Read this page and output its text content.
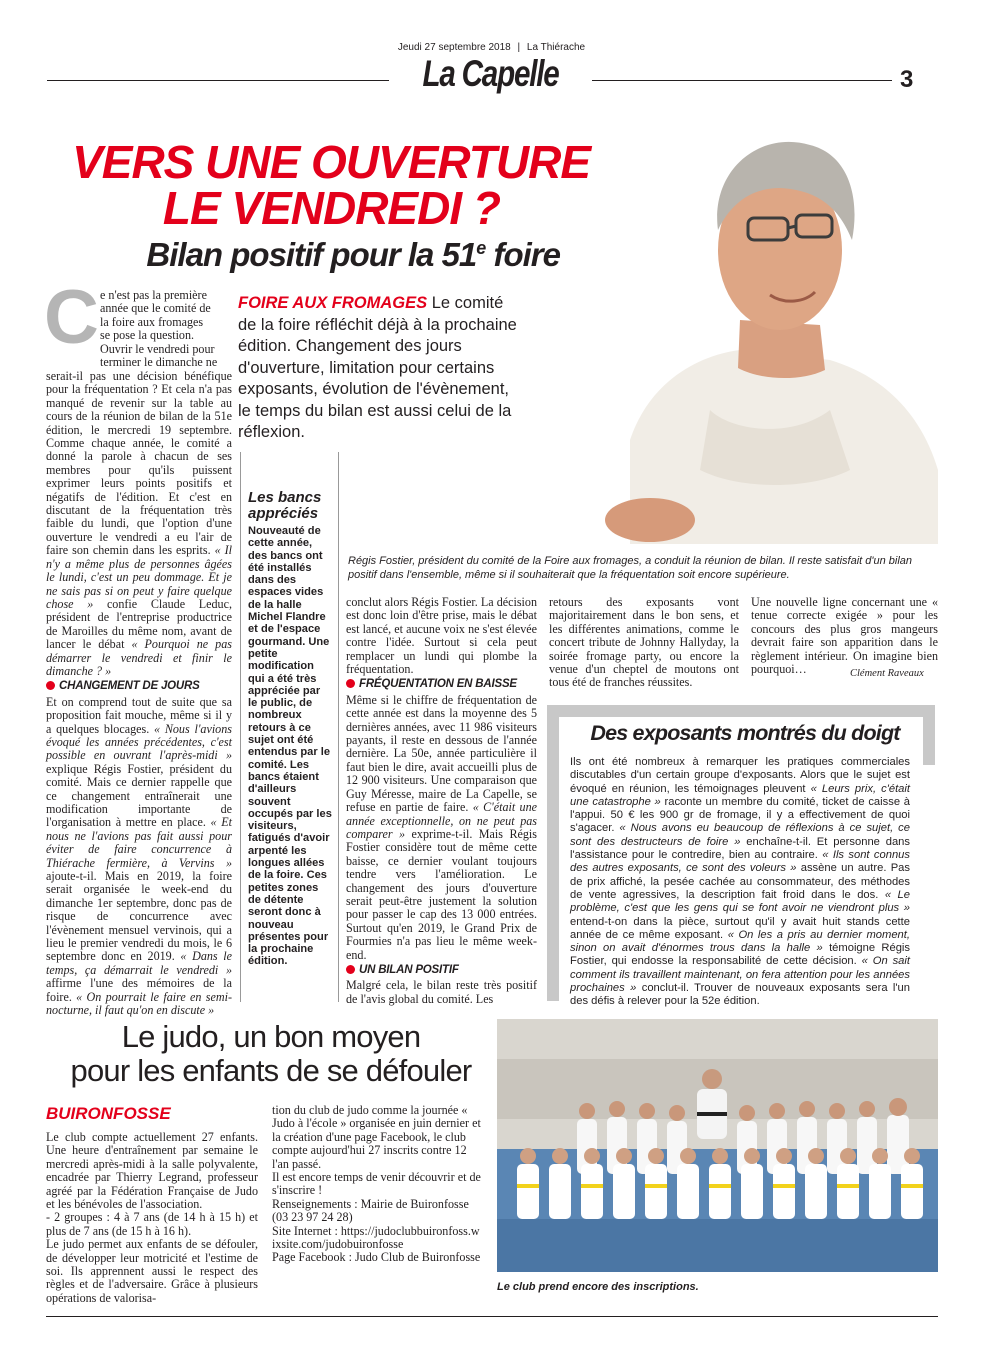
Jeudi 27 septembre 2018 | La Thiérache
La Capelle	3
VERS UNE OUVERTURE
LE VENDREDI ?
Bilan positif pour la 51e foire
FOIRE AUX FROMAGES Le comité de la foire réfléchit déjà à la prochaine édition. Changement des jours d'ouverture, limitation pour certains exposants, évolution de l'évènement, le temps du bilan est aussi celui de la réflexion.
C e n'est pas la première
année que le comité de
la foire aux fromages
se pose la question.
Ouvrir le vendredi pour
terminer le dimanche ne

serait-il pas une décision bénéfique pour la fréquentation ? Et cela n'a pas manqué de revenir sur la table au cours de la réunion de bilan de la 51e édition, le mercredi 19 septembre. Comme chaque année, le comité a donné la parole à chacun de ses membres pour qu'ils puissent exprimer leurs points positifs et négatifs de l'édition. Et c'est en discutant de la fréquentation très faible du lundi, que l'option d'une ouverture le vendredi a eu l'air de faire son chemin dans les esprits. « Il n'y a même plus de personnes âgées le lundi, c'est un peu dommage. Et je ne sais pas si on peut y faire quelque chose » confie Claude Leduc, président de l'entreprise productrice de Maroilles du même nom, avant de lancer le débat « Pourquoi ne pas démarrer le vendredi et finir le dimanche ? »

CHANGEMENT DE JOURS

Et on comprend tout de suite que sa proposition fait mouche, même si il y a quelques blocages. « Nous l'avions évoqué les années précédentes, c'est possible en ouvrant l'après-midi » explique Régis Fostier, président du comité. Mais ce dernier rappelle que ce changement entraînerait une modification importante de l'organisation à mettre en place. « Et nous ne l'avions pas fait aussi pour éviter de faire concurrence à Thiérache fermière, à Vervins » ajoute-t-il. Mais en 2019, la foire serait organisée le week-end du dimanche 1er septembre, donc pas de risque de concurrence avec l'évènement mensuel vervinois, qui a lieu le premier vendredi du mois, le 6 septembre donc en 2019. « Dans le temps, ça démarrait le vendredi » affirme l'une des mémoires de la foire. « On pourrait le faire en semi-nocturne, il faut qu'on en discute »

Les bancs appréciés
Nouveauté de cette année, des bancs ont été installés dans des espaces vides de la halle Michel Flandre et de l'espace gourmand. Une petite modification qui a été très appréciée par le public, de nombreux retours à ce sujet ont été entendus par le comité. Les bancs étaient d'ailleurs souvent occupés par les visiteurs, fatigués d'avoir arpenté les longues allées de la foire. Ces petites zones de détente seront donc à nouveau présentes pour la prochaine édition.
Régis Fostier, président du comité de la Foire aux fromages, a conduit la réunion de bilan. Il reste satisfait d'un bilan positif dans l'ensemble, même si il souhaiterait que la fréquentation soit encore supérieure.

conclut alors Régis Fostier. La décision est donc loin d'être prise, mais le débat est lancé, et aucune voix ne s'est élevée contre l'idée. Surtout si cela peut remplacer un lundi qui plombe la fréquentation.

FRÉQUENTATION EN BAISSE

Même si le chiffre de fréquentation de cette année est dans la moyenne des 5 dernières années, avec 11 986 visiteurs payants, il reste en dessous de l'année dernière. La 50e, année particulière il faut bien le dire, avait accueilli plus de 12 900 visiteurs. Une comparaison que Guy Méresse, maire de La Capelle, se refuse en partie de faire. « C'était une année exceptionnelle, on ne peut pas comparer » exprime-t-il. Mais Régis Fostier considère tout de même cette baisse, ce dernier voulant toujours tendre vers l'amélioration. Le changement des jours d'ouverture serait peut-être justement la solution pour passer le cap des 13 000 entrées. Surtout qu'en 2019, le Grand Prix de Fourmies n'a pas lieu le même week-end.

UN BILAN POSITIF

Malgré cela, le bilan reste très positif de l'avis global du comité. Les

retours des exposants vont majoritairement dans le bon sens, et les différentes animations, comme le concert tribute de Johnny Hallyday, la soirée fromage party, ou encore la venue d'un cheptel de moutons ont tous été de franches réussites.
Une nouvelle ligne concernant une « tenue correcte exigée » pour les concours des plus gros mangeurs devrait faire son apparition dans le règlement intérieur. On imagine bien pourquoi…	Clément Raveaux
Des exposants montrés du doigt
Ils ont été nombreux à remarquer les pratiques commerciales discutables d'un certain groupe d'exposants. Alors que le sujet est évoqué en réunion, les témoignages pleuvent « Leurs prix, c'était une catastrophe » raconte un membre du comité, ticket de caisse à l'appui. 50 € les 900 gr de fromage, il y a effectivement de quoi s'agacer. « Nous avons eu beaucoup de réflexions à ce sujet, ce sont des destructeurs de foire » enchaîne-t-il. Et personne dans l'assistance pour le contredire, bien au contraire. « Ils sont connus des autres exposants, ce sont des voleurs » assène un autre. Pas de prix affiché, la pesée cachée au consommateur, des méthodes de vente agressives, la description fait froid dans le dos. « Le problème, c'est que les gens qui se font avoir ne viendront plus » entend-t-on dans la pièce, surtout qu'il y avait huit stands cette année de ce même exposant. « On les a pris au dernier moment, sinon on avait d'énormes trous dans la halle » témoigne Régis Fostier, qui endosse la responsabilité de cette décision. « On sait comment ils travaillent maintenant, on fera attention pour les années prochaines » conclut-il. Trouver de nouveaux exposants sera l'un des défis à relever pour la 52e édition.
Le judo, un bon moyen
pour les enfants de se défouler
BUIRONFOSSE

Le club compte actuellement 27 enfants. Une heure d'entraînement par semaine le mercredi après-midi à la salle polyvalente, encadrée par Thierry Legrand, professeur agréé par la Fédération Française de Judo et les bénévoles de l'association.

- 2 groupes : 4 à 7 ans (de 14 h à 15 h) et plus de 7 ans (de 15 h à 16 h).

Le judo permet aux enfants de se défouler, de développer leur motricité et l'estime de soi. Ils apprennent aussi le respect des règles et de l'adversaire. Grâce à plusieurs opérations de valorisa-

tion du club de judo comme la journée « Judo à l'école » organisée en juin dernier et la création d'une page Facebook, le club compte aujourd'hui 27 inscrits contre 12 l'an passé.

Il est encore temps de venir découvrir et de s'inscrire !

Renseignements : Mairie de Buironfosse (03 23 97 24 28)

Site Internet : https://judoclubbuironfoss.wixsite.com/judobuironfosse

Page Facebook : Judo Club de Buironfosse

Le club prend encore des inscriptions.
